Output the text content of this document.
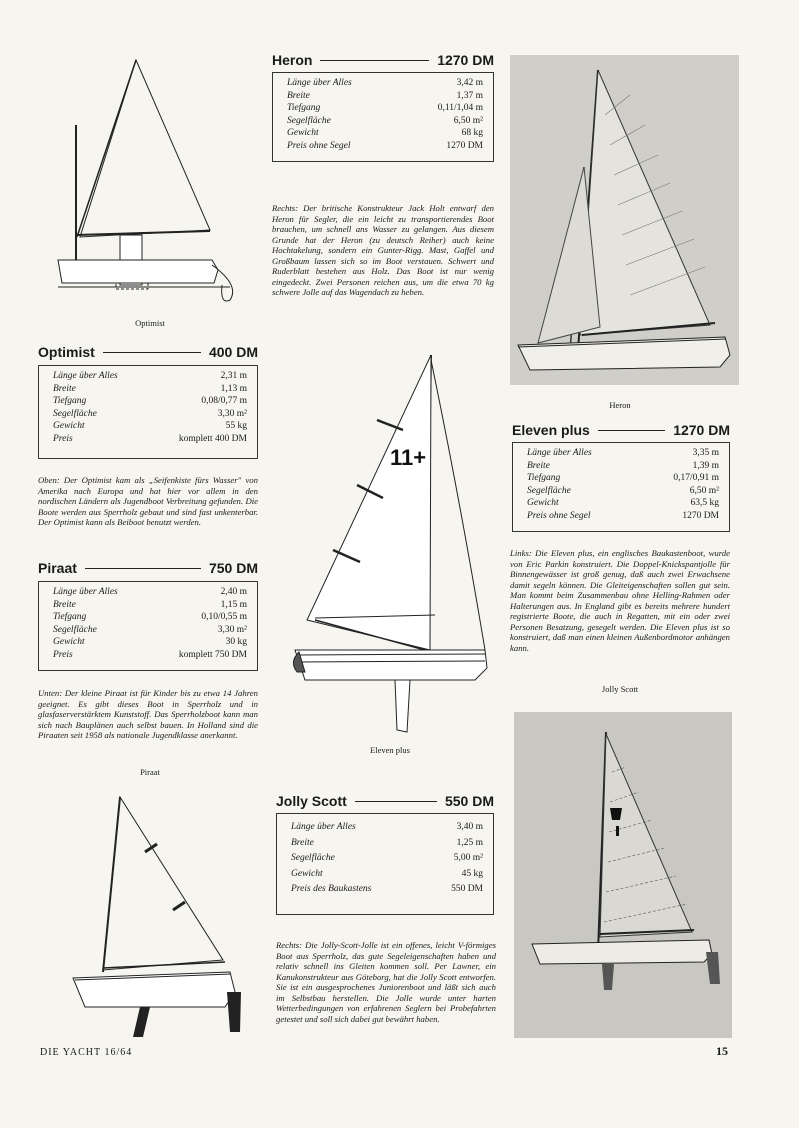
Optimist
Optimist	400 DM
Länge über Alles	2,31 m
Breite	1,13 m
Tiefgang	0,08/0,77 m
Segelfläche	3,30 m²
Gewicht	55 kg
Preis	komplett 400 DM
Oben: Der Optimist kam als „Seifenkiste fürs Wasser" von Amerika nach Europa und hat hier vor allem in den nordischen Ländern als Jugendboot Verbreitung gefunden. Die Boote werden aus Sperrholz gebaut und sind fast unkenterbar. Der Optimist kann als Beiboot benutzt werden.
Piraat	750 DM
Länge über Alles	2,40 m
Breite	1,15 m
Tiefgang	0,10/0,55 m
Segelfläche	3,30 m²
Gewicht	30 kg
Preis	komplett 750 DM
Unten: Der kleine Piraat ist für Kinder bis zu etwa 14 Jahren geeignet. Es gibt dieses Boot in Sperrholz und in glasfaserverstärktem Kunststoff. Das Sperrholzboot kann man sich nach Bauplänen auch selbst bauen. In Holland sind die Piraaten seit 1958 als nationale Jugendklasse anerkannt.
Piraat
Heron	1270 DM
Länge über Alles	3,42 m
Breite	1,37 m
Tiefgang	0,11/1,04 m
Segelfläche	6,50 m²
Gewicht	68 kg
Preis ohne Segel	1270 DM
Rechts: Der britische Konstrukteur Jack Holt entwarf den Heron für Segler, die ein leicht zu transportierendes Boot brauchen, um schnell ans Wasser zu gelangen. Aus diesem Grunde hat der Heron (zu deutsch Reiher) auch keine Hochtakelung, sondern ein Gunter-Rigg. Mast, Gaffel und Großbaum lassen sich so im Boot verstauen. Schwert und Ruderblatt bestehen aus Holz. Das Boot ist nur wenig eingedeckt. Zwei Personen reichen aus, um die etwa 70 kg schwere Jolle auf das Wagendach zu heben.
Heron
11+
Eleven plus
Eleven plus	1270 DM
Länge über Alles	3,35 m
Breite	1,39 m
Tiefgang	0,17/0,91 m
Segelfläche	6,50 m²
Gewicht	63,5 kg
Preis ohne Segel	1270 DM
Links: Die Eleven plus, ein englisches Baukastenboot, wurde von Eric Parkin konstruiert. Die Doppel-Knickspantjolle für Binnengewässer ist groß genug, daß auch zwei Erwachsene damit segeln können. Die Gleiteigenschaften sollen gut sein. Man kommt beim Zusammenbau ohne Helling-Rahmen oder Halterungen aus. In England gibt es bereits mehrere hundert registrierte Boote, die auch in Regatten, mit ein oder zwei Personen Besatzung, gesegelt werden. Die Eleven plus ist so konstruiert, daß man einen kleinen Außenbordmotor anhängen kann.
Jolly Scott
Jolly Scott	550 DM
Länge über Alles	3,40 m
Breite	1,25 m
Segelfläche	5,00 m²
Gewicht	45 kg
Preis des Baukastens	550 DM
Rechts: Die Jolly-Scott-Jolle ist ein offenes, leicht V-förmiges Boot aus Sperrholz, das gute Segeleigenschaften haben und relativ schnell ins Gleiten kommen soll. Per Lawner, ein Kanukonstrukteur aus Göteborg, hat die Jolly Scott entworfen. Sie ist ein ausgesprochenes Juniorenboot und läßt sich auch im Selbstbau herstellen. Die Jolle wurde unter harten Wetterbedingungen von erfahrenen Seglern bei Probefahrten getestet und soll sich dabei gut bewährt haben.
DIE YACHT 16/64	15
